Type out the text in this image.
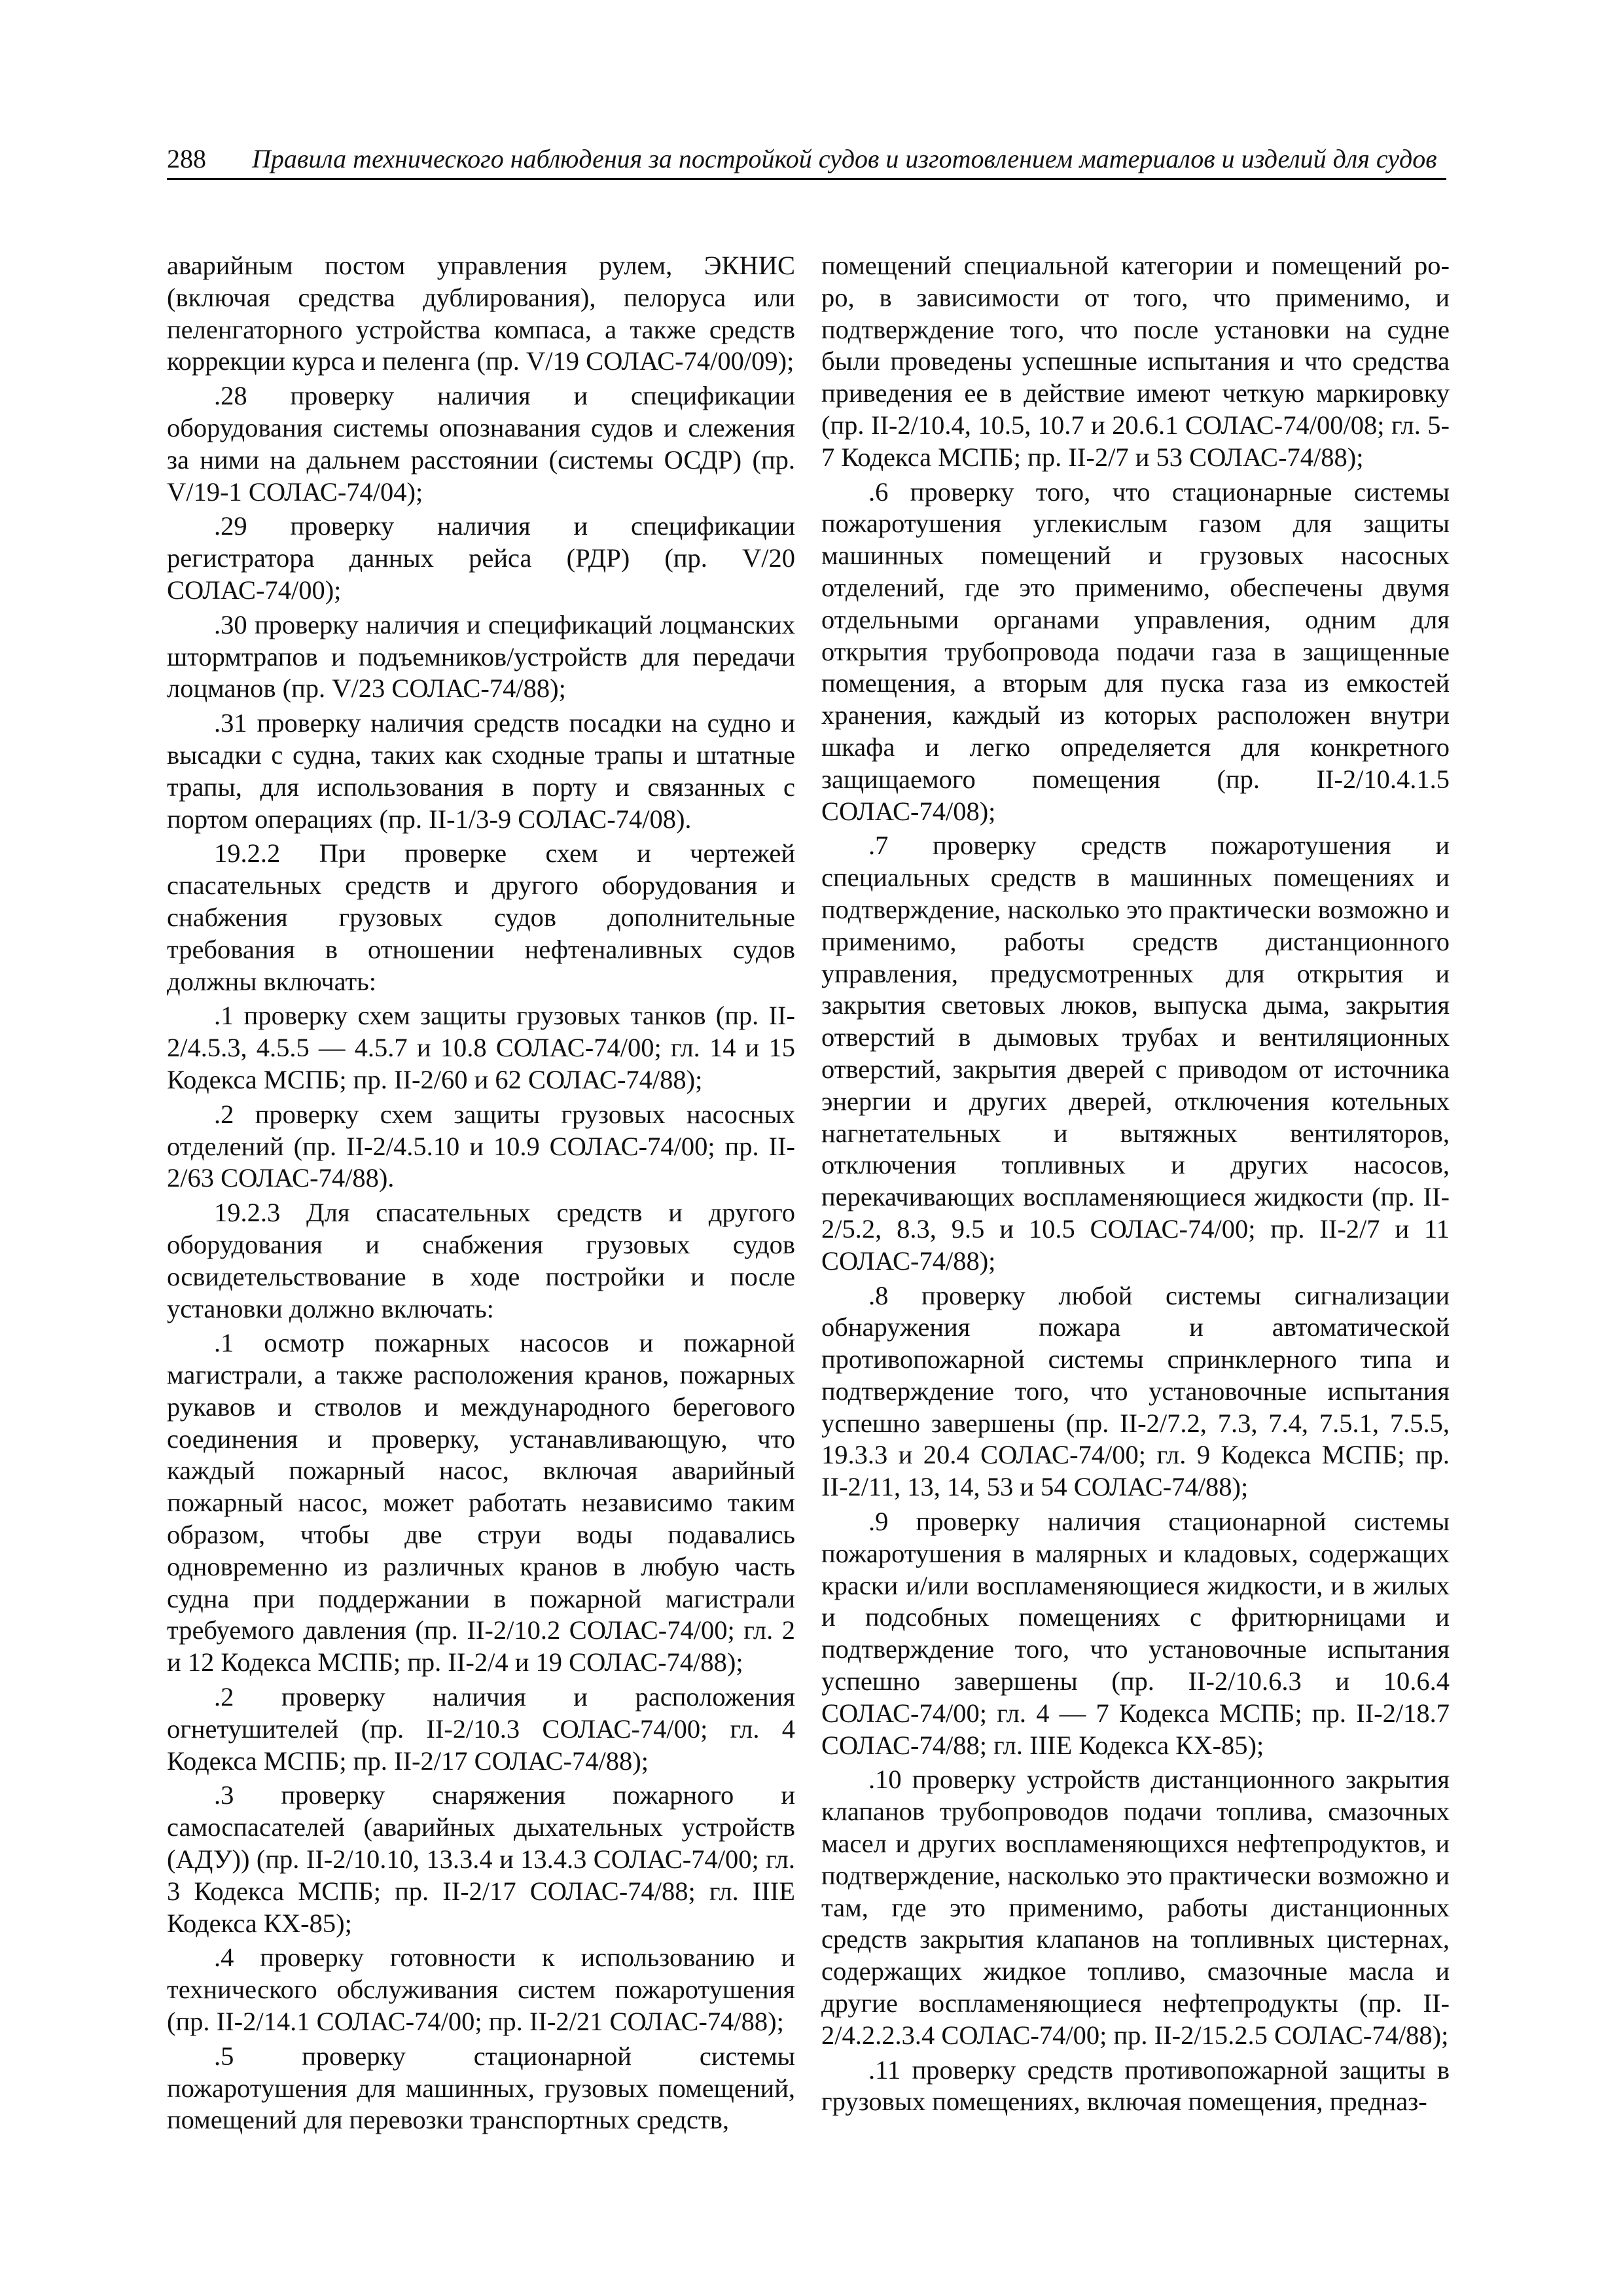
288 Правила технического наблюдения за постройкой судов и изготовлением материалов и изделий для судов

аварийным постом управления рулем, ЭКНИС (включая средства дублирования), пелоруса или пеленгаторного устройства компаса, а также средств коррекции курса и пеленга (пр. V/19 СОЛАС-74/00/09);

.28 проверку наличия и спецификации оборудования системы опознавания судов и слежения за ними на дальнем расстоянии (системы ОСДР) (пр. V/19-1 СОЛАС-74/04);

.29 проверку наличия и спецификации регистратора данных рейса (РДР) (пр. V/20 СОЛАС-74/00);

.30 проверку наличия и спецификаций лоцманских штормтрапов и подъемников/устройств для передачи лоцманов (пр. V/23 СОЛАС-74/88);

.31 проверку наличия средств посадки на судно и высадки с судна, таких как сходные трапы и штатные трапы, для использования в порту и связанных с портом операциях (пр. II-1/3-9 СОЛАС-74/08).

19.2.2 При проверке схем и чертежей спасательных средств и другого оборудования и снабжения грузовых судов дополнительные требования в отношении нефтеналивных судов должны включать:

.1 проверку схем защиты грузовых танков (пр. II-2/4.5.3, 4.5.5 — 4.5.7 и 10.8 СОЛАС-74/00; гл. 14 и 15 Кодекса МСПБ; пр. II-2/60 и 62 СОЛАС-74/88);

.2 проверку схем защиты грузовых насосных отделений (пр. II-2/4.5.10 и 10.9 СОЛАС-74/00; пр. II-2/63 СОЛАС-74/88).

19.2.3 Для спасательных средств и другого оборудования и снабжения грузовых судов освидетельствование в ходе постройки и после установки должно включать:

.1 осмотр пожарных насосов и пожарной магистрали, а также расположения кранов, пожарных рукавов и стволов и международного берегового соединения и проверку, устанавливающую, что каждый пожарный насос, включая аварийный пожарный насос, может работать независимо таким образом, чтобы две струи воды подавались одновременно из различных кранов в любую часть судна при поддержании в пожарной магистрали требуемого давления (пр. II-2/10.2 СОЛАС-74/00; гл. 2 и 12 Кодекса МСПБ; пр. II-2/4 и 19 СОЛАС-74/88);

.2 проверку наличия и расположения огнетушителей (пр. II-2/10.3 СОЛАС-74/00; гл. 4 Кодекса МСПБ; пр. II-2/17 СОЛАС-74/88);

.3 проверку снаряжения пожарного и самоспасателей (аварийных дыхательных устройств (АДУ)) (пр. II-2/10.10, 13.3.4 и 13.4.3 СОЛАС-74/00; гл. 3 Кодекса МСПБ; пр. II-2/17 СОЛАС-74/88; гл. IIIE Кодекса КХ-85);

.4 проверку готовности к использованию и технического обслуживания систем пожаротушения (пр. II-2/14.1 СОЛАС-74/00; пр. II-2/21 СОЛАС-74/88);

.5 проверку стационарной системы пожаротушения для машинных, грузовых помещений, помещений для перевозки транспортных средств,

помещений специальной категории и помещений ро-ро, в зависимости от того, что применимо, и подтверждение того, что после установки на судне были проведены успешные испытания и что средства приведения ее в действие имеют четкую маркировку (пр. II-2/10.4, 10.5, 10.7 и 20.6.1 СОЛАС-74/00/08; гл. 5-7 Кодекса МСПБ; пр. II-2/7 и 53 СОЛАС-74/88);

.6 проверку того, что стационарные системы пожаротушения углекислым газом для защиты машинных помещений и грузовых насосных отделений, где это применимо, обеспечены двумя отдельными органами управления, одним для открытия трубопровода подачи газа в защищенные помещения, а вторым для пуска газа из емкостей хранения, каждый из которых расположен внутри шкафа и легко определяется для конкретного защищаемого помещения (пр. II-2/10.4.1.5 СОЛАС-74/08);

.7 проверку средств пожаротушения и специальных средств в машинных помещениях и подтверждение, насколько это практически возможно и применимо, работы средств дистанционного управления, предусмотренных для открытия и закрытия световых люков, выпуска дыма, закрытия отверстий в дымовых трубах и вентиляционных отверстий, закрытия дверей с приводом от источника энергии и других дверей, отключения котельных нагнетательных и вытяжных вентиляторов, отключения топливных и других насосов, перекачивающих воспламеняющиеся жидкости (пр. II-2/5.2, 8.3, 9.5 и 10.5 СОЛАС-74/00; пр. II-2/7 и 11 СОЛАС-74/88);

.8 проверку любой системы сигнализации обнаружения пожара и автоматической противопожарной системы спринклерного типа и подтверждение того, что установочные испытания успешно завершены (пр. II-2/7.2, 7.3, 7.4, 7.5.1, 7.5.5, 19.3.3 и 20.4 СОЛАС-74/00; гл. 9 Кодекса МСПБ; пр. II-2/11, 13, 14, 53 и 54 СОЛАС-74/88);

.9 проверку наличия стационарной системы пожаротушения в малярных и кладовых, содержащих краски и/или воспламеняющиеся жидкости, и в жилых и подсобных помещениях с фритюрницами и подтверждение того, что установочные испытания успешно завершены (пр. II-2/10.6.3 и 10.6.4 СОЛАС-74/00; гл. 4 — 7 Кодекса МСПБ; пр. II-2/18.7 СОЛАС-74/88; гл. IIIE Кодекса КХ-85);

.10 проверку устройств дистанционного закрытия клапанов трубопроводов подачи топлива, смазочных масел и других воспламеняющихся нефтепродуктов, и подтверждение, насколько это практически возможно и там, где это применимо, работы дистанционных средств закрытия клапанов на топливных цистернах, содержащих жидкое топливо, смазочные масла и другие воспламеняющиеся нефтепродукты (пр. II-2/4.2.2.3.4 СОЛАС-74/00; пр. II-2/15.2.5 СОЛАС-74/88);

.11 проверку средств противопожарной защиты в грузовых помещениях, включая помещения, предназ-
